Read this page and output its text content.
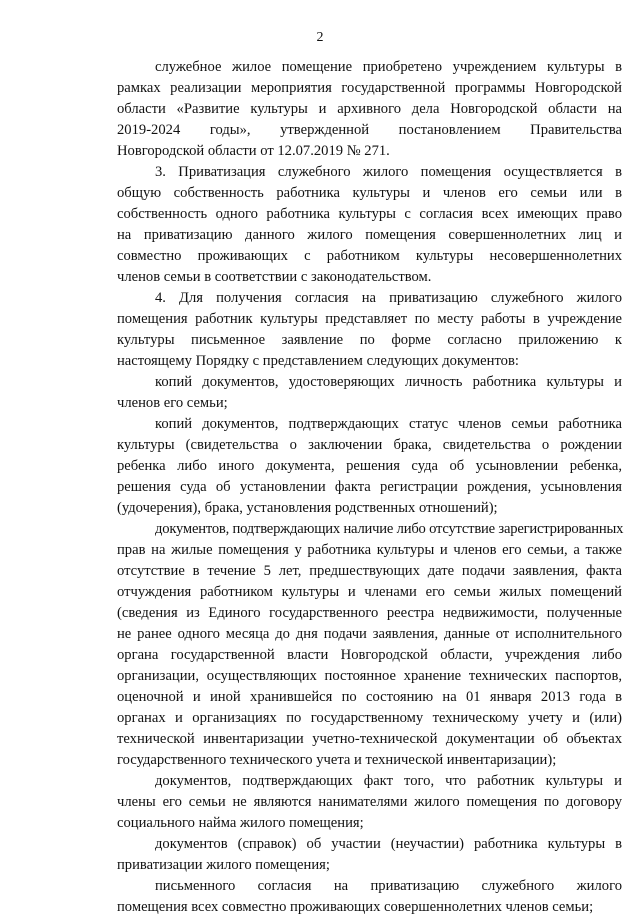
2
служебное жилое помещение приобретено учреждением культуры в
рамках реализации мероприятия государственной программы Новгородской
области «Развитие культуры и архивного дела Новгородской области на
2019-2024 годы», утвержденной постановлением Правительства
Новгородской области от 12.07.2019 № 271.
3. Приватизация служебного жилого помещения осуществляется в
общую собственность работника культуры и членов его семьи или в
собственность одного работника культуры с согласия всех имеющих право
на приватизацию данного жилого помещения совершеннолетних лиц и
совместно проживающих с работником культуры несовершеннолетних
членов семьи в соответствии с законодательством.
4. Для получения согласия на приватизацию служебного жилого
помещения работник культуры представляет по месту работы в учреждение
культуры письменное заявление по форме согласно приложению к
настоящему Порядку с представлением следующих документов:
копий документов, удостоверяющих личность работника культуры и
членов его семьи;
копий документов, подтверждающих статус членов семьи работника
культуры (свидетельства о заключении брака, свидетельства о рождении
ребенка либо иного документа, решения суда об усыновлении ребенка,
решения суда об установлении факта регистрации рождения, усыновления
(удочерения), брака, установления родственных отношений);
документов, подтверждающих наличие либо отсутствие зарегистрированных
прав на жилые помещения у работника культуры и членов его семьи, а также
отсутствие в течение 5 лет, предшествующих дате подачи заявления, факта
отчуждения работником культуры и членами его семьи жилых помещений
(сведения из Единого государственного реестра недвижимости, полученные
не ранее одного месяца до дня подачи заявления, данные от исполнительного
органа государственной власти Новгородской области, учреждения либо
организации, осуществляющих постоянное хранение технических паспортов,
оценочной и иной хранившейся по состоянию на 01 января 2013 года в
органах и организациях по государственному техническому учету и (или)
технической инвентаризации учетно-технической документации об объектах
государственного технического учета и технической инвентаризации);
документов, подтверждающих факт того, что работник культуры и
члены его семьи не являются нанимателями жилого помещения по договору
социального найма жилого помещения;
документов (справок) об участии (неучастии) работника культуры в
приватизации жилого помещения;
письменного согласия на приватизацию служебного жилого
помещения всех совместно проживающих совершеннолетних членов семьи;
